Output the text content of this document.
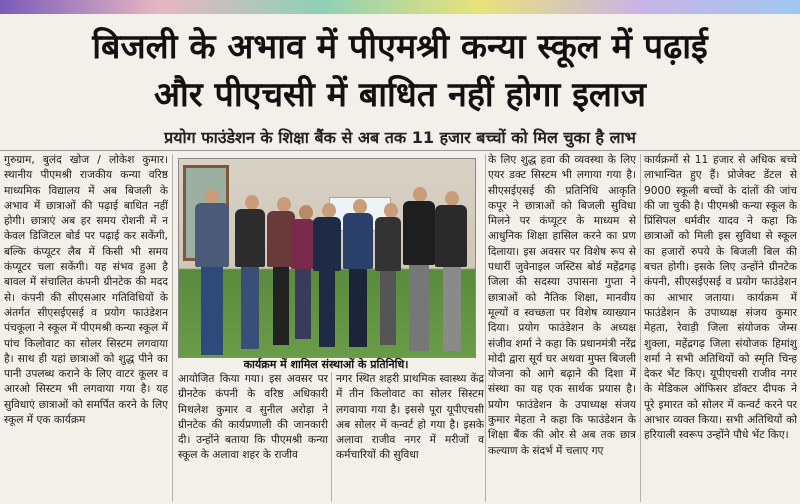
बिजली के अभाव में पीएमश्री कन्या स्कूल में पढ़ाई
और पीएचसी में बाधित नहीं होगा इलाज
प्रयोग फाउंडेशन के शिक्षा बैंक से अब तक 11 हजार बच्चों को मिल चुका है लाभ
गुरुग्राम, बुलंद खोज / लोकेश कुमार। स्थानीय पीएमश्री राजकीय कन्या वरिष्ठ माध्यमिक विद्यालय में अब बिजली के अभाव में छात्राओं की पढ़ाई बाधित नहीं होगी। छात्राएं अब हर समय रोशनी में न केवल डिजिटल बोर्ड पर पढ़ाई कर सकेंगी, बल्कि कंप्यूटर लैब में किसी भी समय कंप्यूटर चला सकेंगी। यह संभव हुआ है बावल में संचालित कंपनी ग्रीनटेक की मदद से। कंपनी की सीएसआर गतिविधियों के अंतर्गत सीएसईएसई व प्रयोग फाउंडेशन पंचकूला ने स्कूल में पीएमश्री कन्या स्कूल में पांच किलोवाट का सोलर सिस्टम लगवाया है। साथ ही यहां छात्राओं को शुद्ध पीने का पानी उपलब्ध कराने के लिए वाटर कूलर व आरओ सिस्टम भी लगवाया गया है। यह सुविधाएं छात्राओं को समर्पित करने के लिए स्कूल में एक कार्यक्रम
कार्यक्रम में शामिल संस्थाओं के प्रतिनिधि।
आयोजित किया गया। इस अवसर पर ग्रीनटेक कंपनी के वरिष्ठ अधिकारी मिथलेश कुमार व सुनील अरोड़ा ने ग्रीनटेक की कार्यप्रणाली की जानकारी दी। उन्होंने बताया कि पीएमश्री कन्या स्कूल के अलावा शहर के राजीव
नगर स्थित शहरी प्राथमिक स्वास्थ्य केंद्र में तीन किलोवाट का सोलर सिस्टम लगवाया गया है। इससे पूरा यूपीएचसी अब सोलर में कन्वर्ट हो गया है। इसके अलावा राजीव नगर में मरीजों व कर्मचारियों की सुविधा
के लिए शुद्ध हवा की व्यवस्था के लिए एयर डक्ट सिस्टम भी लगाया गया है। सीएसईएसई की प्रतिनिधि आकृति कपूर ने छात्राओं को बिजली सुविधा मिलने पर कंप्यूटर के माध्यम से आधुनिक शिक्षा हासिल करने का प्रण दिलाया। इस अवसर पर विशेष रूप से पधारीं जुवेनाइल जस्टिस बोर्ड महेंद्रगढ़ जिला की सदस्या उपासना गुप्ता ने छात्राओं को नैतिक शिक्षा, मानवीय मूल्यों व स्वच्छता पर विशेष व्याख्यान दिया। प्रयोग फाउंडेशन के अध्यक्ष संजीव शर्मा ने कहा कि प्रधानमंत्री नरेंद्र मोदी द्वारा सूर्य घर अथवा मुफ्त बिजली योजना को आगे बढ़ाने की दिशा में संस्था का यह एक सार्थक प्रयास है। प्रयोग फाउंडेशन के उपाध्यक्ष संजय कुमार मेहता ने कहा कि फाउंडेशन के शिक्षा बैंक की ओर से अब तक छात्र कल्याण के संदर्भ में चलाए गए
कार्यक्रमों से 11 हजार से अधिक बच्चे लाभान्वित हुए हैं। प्रोजेक्ट डेंटल से 9000 स्कूली बच्चों के दांतों की जांच की जा चुकी है। पीएमश्री कन्या स्कूल के प्रिंसिपल धर्मवीर यादव ने कहा कि छात्राओं को मिली इस सुविधा से स्कूल का हजारों रुपये के बिजली बिल की बचत होगी। इसके लिए उन्होंने ग्रीनटेक कंपनी, सीएसईएसई व प्रयोग फाउंडेशन का आभार जताया। कार्यक्रम में फाउंडेशन के उपाध्यक्ष संजय कुमार मेहता, रेवाड़ी जिला संयोजक जेम्स शुक्ला, महेंद्रगढ़ जिला संयोजक हिमांशु शर्मा ने सभी अतिथियों को स्मृति चिन्ह देकर भेंट किए। यूपीएचसी राजीव नगर के मेडिकल ऑफिसर डॉक्टर दीपक ने पूरे इमारत को सोलर में कन्वर्ट करने पर आभार व्यक्त किया। सभी अतिथियों को हरियाली स्वरूप उन्होंने पौधे भेंट किए।
